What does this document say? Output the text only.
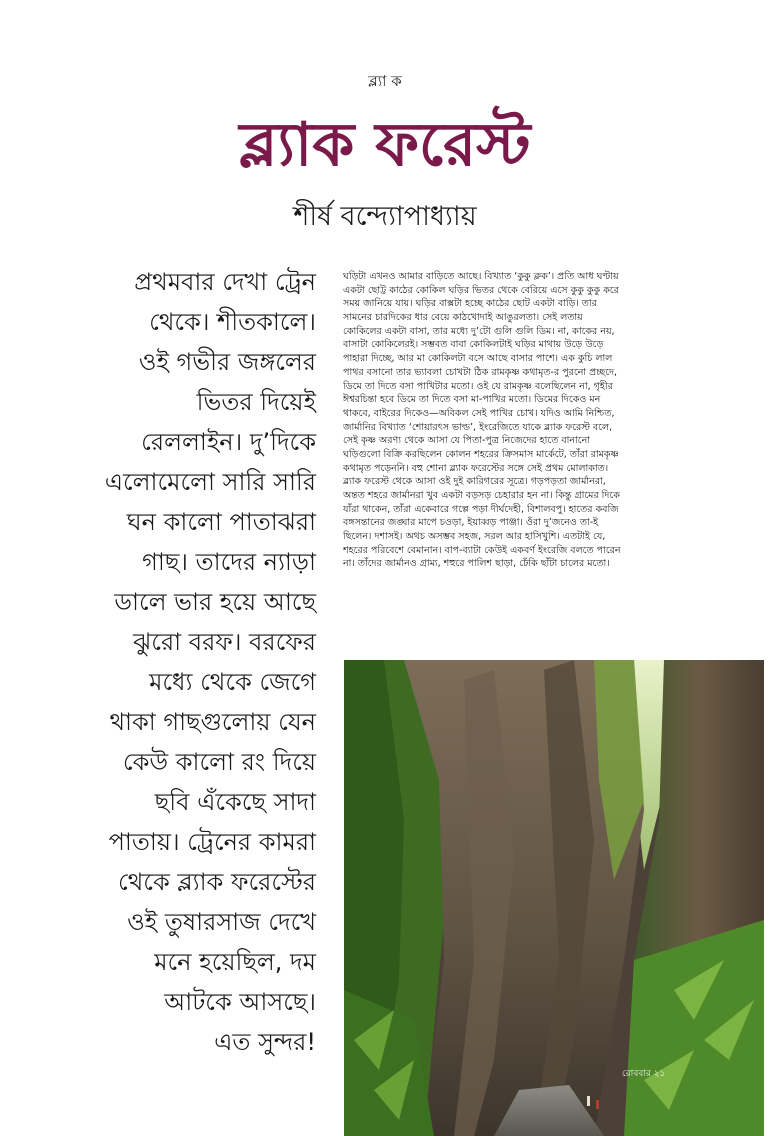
ব্ল্যা ক
ব্ল্যাক ফরেস্ট
শীর্ষ বন্দ্যোপাধ্যায়
প্রথমবার দেখা ট্রেন
থেকে। শীতকালে।
ওই গভীর জঙ্গলের
ভিতর দিয়েই
রেললাইন। দু’দিকে
এলোমেলো সারি সারি
ঘন কালো পাতাঝরা
গাছ। তাদের ন্যাড়া
ডালে ভার হয়ে আছে
ঝুরো বরফ। বরফের
মধ্যে থেকে জেগে
থাকা গাছগুলোয় যেন
কেউ কালো রং দিয়ে
ছবি এঁকেছে সাদা
পাতায়। ট্রেনের কামরা
থেকে ব্ল্যাক ফরেস্টের
ওই তুষারসাজ দেখে
মনে হয়েছিল, দম
আটকে আসছে।
এত সুন্দর!
ঘড়িটা এখনও আমার বাড়িতে আছে। বিখ্যাত ‘কুকু ক্লক’। প্রতি আধ ঘণ্টায়
একটা ছোট্ট কাঠের কোকিল ঘড়ির ভিতর থেকে বেরিয়ে এসে কুকু কুকু করে
সময় জানিয়ে যায়। ঘড়ির বাক্সটা হচ্ছে কাঠের ছোট একটা বাড়ি। তার
সামনের চারদিকের ধার বেয়ে কাঠখোদাই আঙুরলতা। সেই লতায়
কোকিলের একটা বাসা, তার মধ্যে দু’টো গুলি গুলি ডিম। না, কাকের নয়,
বাসাটা কোকিলেরই। সম্ভবত বাবা কোকিলটাই ঘড়ির মাথায় উড়ে উড়ে
পাহারা দিচ্ছে, আর মা কোকিলটা বসে আছে বাসার পাশে। এক কুচি লাল
পাথর বসানো তার ভ্যাবলা চোখটা ঠিক রামকৃষ্ণ কথামৃত-র পুরনো প্রচ্ছদে,
ডিমে তা দিতে বসা পাখিটার মতো। ওই যে রামকৃষ্ণ বলেছিলেন না, গৃহীর
ঈশ্বরচিন্তা হবে ডিমে তা দিতে বসা মা-পাখির মতো। ডিমের দিকেও মন
থাকবে, বাইরের দিকেও—অবিকল সেই পাখির চোখ। যদিও আমি নিশ্চিত,
জার্মানির বিখ্যাত ‘শোয়ারৎস ভাল্ড’, ইংরেজিতে যাকে ব্ল্যাক ফরেস্ট বলে,
সেই কৃষ্ণ অরণ্য থেকে আসা যে পিতা-পুত্র নিজেদের হাতে বানানো
ঘড়িগুলো বিক্রি করছিলেন কোলন শহরের ক্রিসমাস মার্কেটে, তাঁরা রামকৃষ্ণ
কথামৃত পড়েননি। বহু শোনা ব্ল্যাক ফরেস্টের সঙ্গে সেই প্রথম মোলাকাত।
ব্ল্যাক ফরেস্ট থেকে আসা ওই দুই কারিগরের সূত্রে। গড়পড়তা জার্মানরা,
অন্তত শহরে জার্মানরা খুব একটা বড়সড় চেহারার হন না। কিন্তু গ্রামের দিকে
যাঁরা থাকেন, তাঁরা একেবারে গল্পে পড়া দীর্ঘদেহী, বিশালবপু। হাতের কবজি
বঙ্গসন্তানের জঙ্ঘার মাপে চওড়া, ইয়াব্বড় পাঞ্জা। ওঁরা দু’জনেও তা-ই
ছিলেন। দশাসই। অথচ অসম্ভব সহজ, সরল আর হাসিখুশি। এতটাই যে,
শহরের পরিবেশে বেমানান। বাপ-ব্যাটা কেউই একবর্ণ ইংরেজি বলতে পারেন
না। তাঁদের জার্মানও গ্রাম্য, শহুরে পালিশ ছাড়া, ঢেঁকি ছাঁটা চালের মতো।
রোববার ২১
